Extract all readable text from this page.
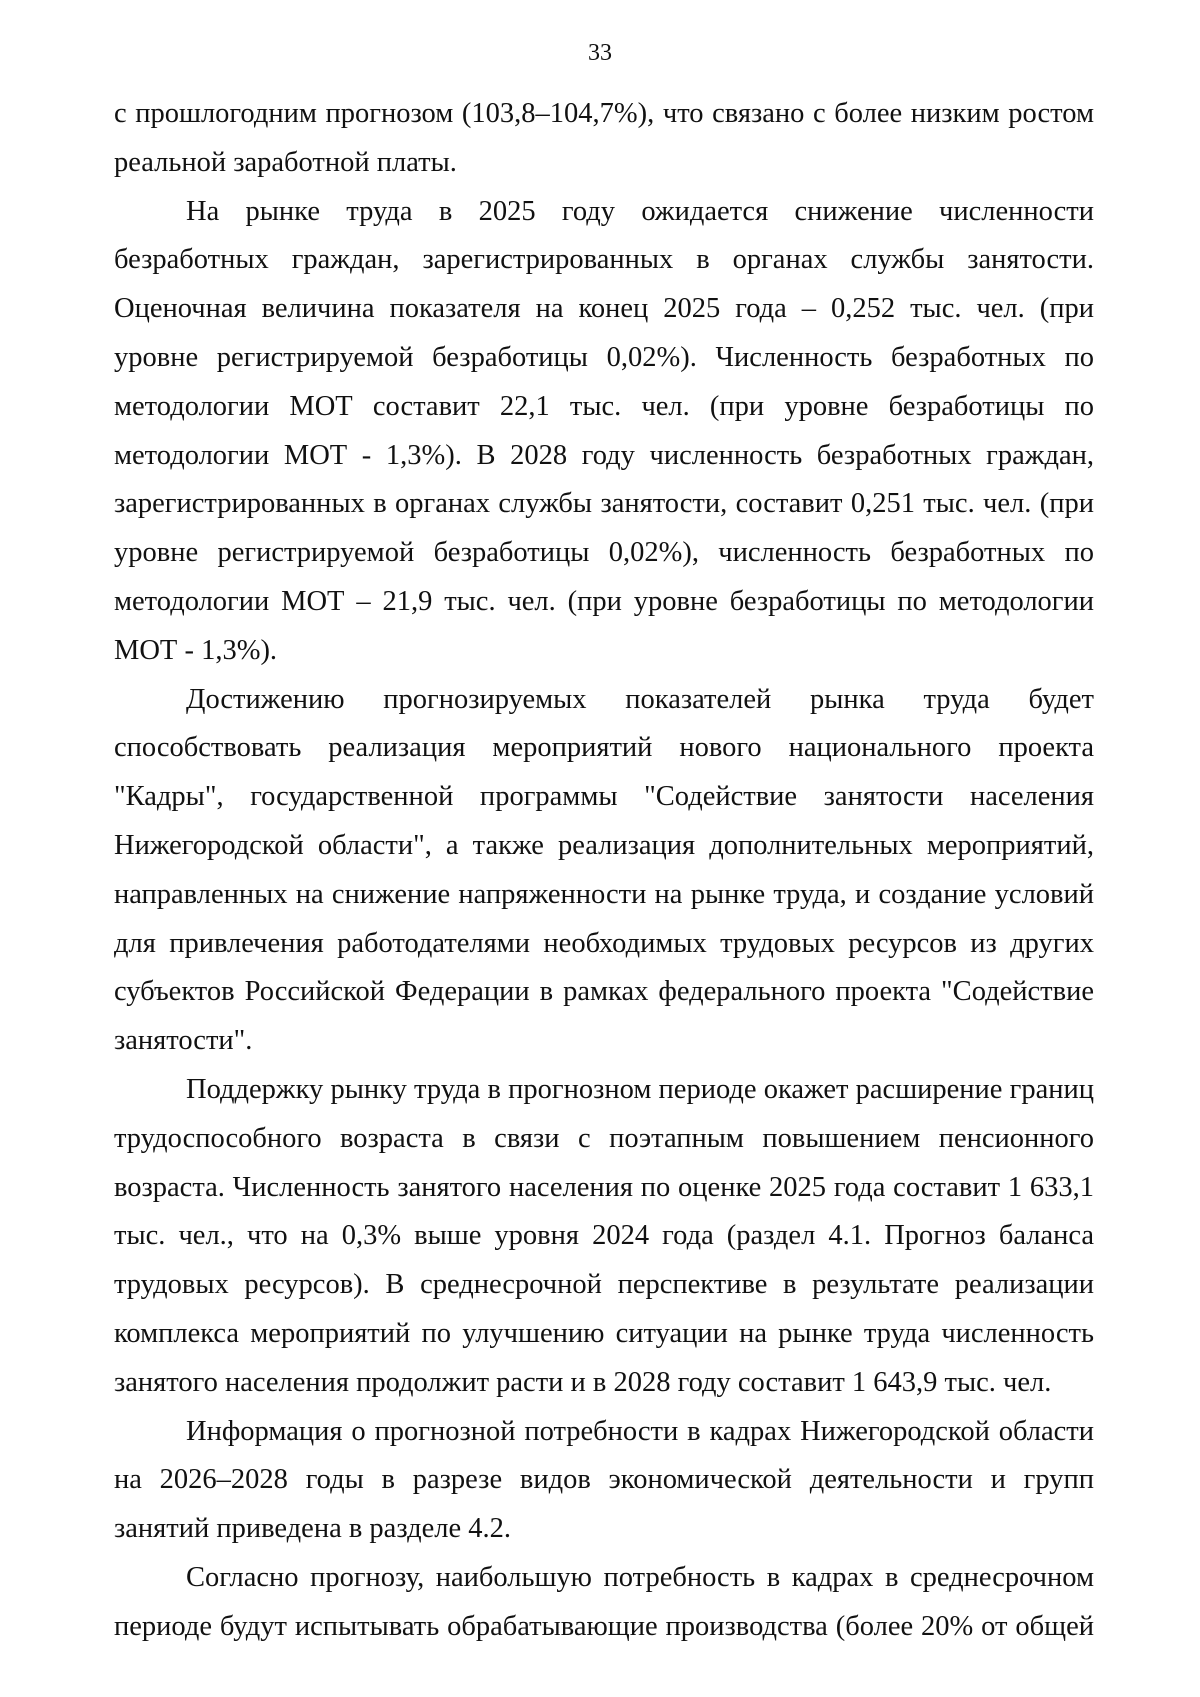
33

с прошлогодним прогнозом (103,8–104,7%), что связано с более низким ростом реальной заработной платы.

На рынке труда в 2025 году ожидается снижение численности безработных граждан, зарегистрированных в органах службы занятости. Оценочная величина показателя на конец 2025 года – 0,252 тыс. чел. (при уровне регистрируемой безработицы 0,02%). Численность безработных по методологии МОТ составит 22,1 тыс. чел. (при уровне безработицы по методологии МОТ - 1,3%). В 2028 году численность безработных граждан, зарегистрированных в органах службы занятости, составит 0,251 тыс. чел. (при уровне регистрируемой безработицы 0,02%), численность безработных по методологии МОТ – 21,9 тыс. чел. (при уровне безработицы по методологии МОТ - 1,3%).

Достижению прогнозируемых показателей рынка труда будет способствовать реализация мероприятий нового национального проекта "Кадры", государственной программы "Содействие занятости населения Нижегородской области", а также реализация дополнительных мероприятий, направленных на снижение напряженности на рынке труда, и создание условий для привлечения работодателями необходимых трудовых ресурсов из других субъектов Российской Федерации в рамках федерального проекта "Содействие занятости".

Поддержку рынку труда в прогнозном периоде окажет расширение границ трудоспособного возраста в связи с поэтапным повышением пенсионного возраста. Численность занятого населения по оценке 2025 года составит 1 633,1 тыс. чел., что на 0,3% выше уровня 2024 года (раздел 4.1. Прогноз баланса трудовых ресурсов). В среднесрочной перспективе в результате реализации комплекса мероприятий по улучшению ситуации на рынке труда численность занятого населения продолжит расти и в 2028 году составит 1 643,9 тыс. чел.

Информация о прогнозной потребности в кадрах Нижегородской области на 2026–2028 годы в разрезе видов экономической деятельности и групп занятий приведена в разделе 4.2.

Согласно прогнозу, наибольшую потребность в кадрах в среднесрочном периоде будут испытывать обрабатывающие производства (более 20% от общей
